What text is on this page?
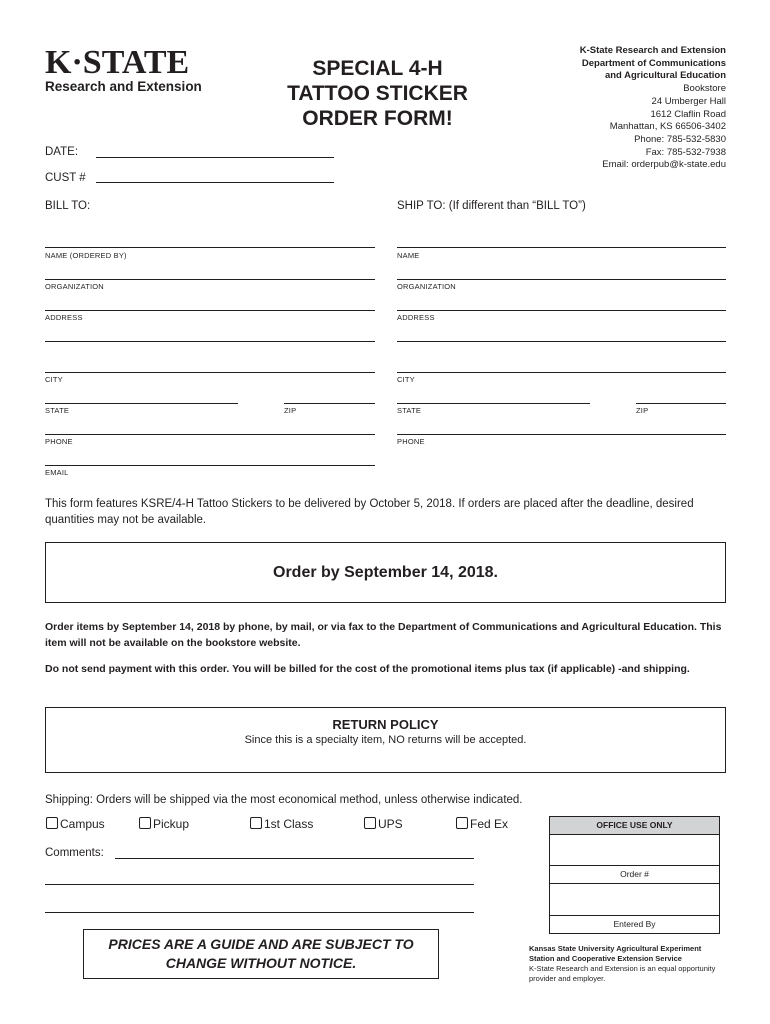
K·STATE
Research and Extension
SPECIAL 4-H
TATTOO STICKER
ORDER FORM!
K-State Research and Extension
Department of Communications
and Agricultural Education
Bookstore
24 Umberger Hall
1612 Claflin Road
Manhattan, KS 66506-3402
Phone: 785-532-5830
Fax: 785-532-7938
Email: orderpub@k-state.edu
DATE:
CUST #
BILL TO:	SHIP TO: (If different than “BILL TO”)
NAME (ORDERED BY)
ORGANIZATION
ADDRESS
CITY
STATE	ZIP
PHONE
EMAIL
NAME
ORGANIZATION
ADDRESS
CITY
STATE	ZIP
PHONE
This form features KSRE/4-H Tattoo Stickers to be delivered by October 5, 2018. If orders are placed after the deadline, desired quantities may not be available.
Order by September 14, 2018.
Order items by September 14, 2018 by phone, by mail, or via fax to the Department of Communications and Agricultural Education. This item will not be available on the bookstore website.
Do not send payment with this order. You will be billed for the cost of the promotional items plus tax (if applicable) -and shipping.
RETURN POLICY
Since this is a specialty item, NO returns will be accepted.
Shipping: Orders will be shipped via the most economical method, unless otherwise indicated.
Campus	Pickup	1st Class	UPS	Fed Ex
Comments:
OFFICE USE ONLY
Order #
Entered By
PRICES ARE A GUIDE AND ARE SUBJECT TO CHANGE WITHOUT NOTICE.
Kansas State University Agricultural Experiment
Station and Cooperative Extension Service
K-State Research and Extension is an equal opportunity
provider and employer.
